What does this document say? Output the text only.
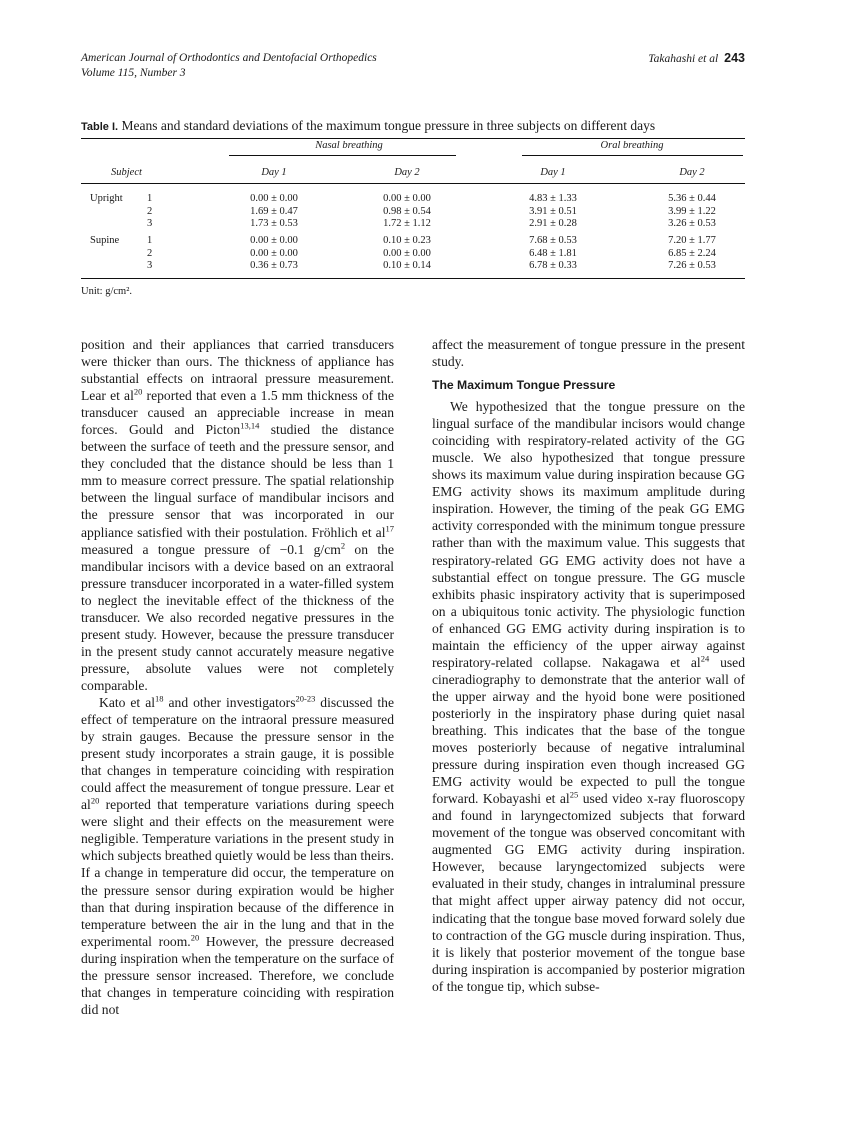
American Journal of Orthodontics and Dentofacial Orthopedics
Volume 115, Number 3
Takahashi et al 243
Table I. Means and standard deviations of the maximum tongue pressure in three subjects on different days
Nasal breathing	Oral breathing
Subject	Day 1	Day 2	Day 1	Day 2
Upright 1	0.00 ± 0.00	0.00 ± 0.00	4.83 ± 1.33	5.36 ± 0.44
2	1.69 ± 0.47	0.98 ± 0.54	3.91 ± 0.51	3.99 ± 1.22
3	1.73 ± 0.53	1.72 ± 1.12	2.91 ± 0.28	3.26 ± 0.53
Supine	1	0.00 ± 0.00	0.10 ± 0.23	7.68 ± 0.53	7.20 ± 1.77
2	0.00 ± 0.00	0.00 ± 0.00	6.48 ± 1.81	6.85 ± 2.24
3	0.36 ± 0.73	0.10 ± 0.14	6.78 ± 0.33	7.26 ± 0.53
Unit: g/cm².

position and their appliances that carried transducers were thicker than ours. The thickness of appliance has substantial effects on intraoral pressure measurement. Lear et $al^{20}$ reported that even a 1.5 mm thickness of the transducer caused an appreciable increase in mean forces. Gould and Picton$^{13,14}$ studied the distance between the surface of teeth and the pressure sensor, and they concluded that the distance should be less than 1 mm to measure correct pressure. The spatial relationship between the lingual surface of mandibular incisors and the pressure sensor that was incorporated in our appliance satisfied with their postulation. Fröhlich et $al^{17}$ measured a tongue pressure of −0.1 $g/cm^2$ on the mandibular incisors with a device based on an extraoral pressure transducer incorporated in a water-filled system to neglect the inevitable effect of the thickness of the transducer. We also recorded negative pressures in the present study. However, because the pressure transducer in the present study cannot accurately measure negative pressure, absolute values were not completely comparable.

Kato et $al^{18}$ and other investigators$^{20-23}$ discussed the effect of temperature on the intraoral pressure measured by strain gauges. Because the pressure sensor in the present study incorporates a strain gauge, it is possible that changes in temperature coinciding with respiration could affect the measurement of tongue pressure. Lear et $al^{20}$ reported that temperature variations during speech were slight and their effects on the measurement were negligible. Temperature variations in the present study in which subjects breathed quietly would be less than theirs. If a change in temperature did occur, the temperature on the pressure sensor during expiration would be higher than that during inspiration because of the difference in temperature between the air in the lung and that in the experimental room.$^{20}$ However, the pressure decreased during inspiration when the temperature on the surface of the pressure sensor increased. Therefore, we conclude that changes in temperature coinciding with respiration did not

affect the measurement of tongue pressure in the present study.

The Maximum Tongue Pressure

We hypothesized that the tongue pressure on the lingual surface of the mandibular incisors would change coinciding with respiratory-related activity of the GG muscle. We also hypothesized that tongue pressure shows its maximum value during inspiration because GG EMG activity shows its maximum amplitude during inspiration. However, the timing of the peak GG EMG activity corresponded with the minimum tongue pressure rather than with the maximum value. This suggests that respiratory-related GG EMG activity does not have a substantial effect on tongue pressure. The GG muscle exhibits phasic inspiratory activity that is superimposed on a ubiquitous tonic activity. The physiologic function of enhanced GG EMG activity during inspiration is to maintain the efficiency of the upper airway against respiratory-related collapse. Nakagawa et $al^{24}$ used cineradiography to demonstrate that the anterior wall of the upper airway and the hyoid bone were positioned posteriorly in the inspiratory phase during quiet nasal breathing. This indicates that the base of the tongue moves posteriorly because of negative intraluminal pressure during inspiration even though increased GG EMG activity would be expected to pull the tongue forward. Kobayashi et $al^{25}$ used video x-ray fluoroscopy and found in laryngectomized subjects that forward movement of the tongue was observed concomitant with augmented GG EMG activity during inspiration. However, because laryngectomized subjects were evaluated in their study, changes in intraluminal pressure that might affect upper airway patency did not occur, indicating that the tongue base moved forward solely due to contraction of the GG muscle during inspiration. Thus, it is likely that posterior movement of the tongue base during inspiration is accompanied by posterior migration of the tongue tip, which subse-
